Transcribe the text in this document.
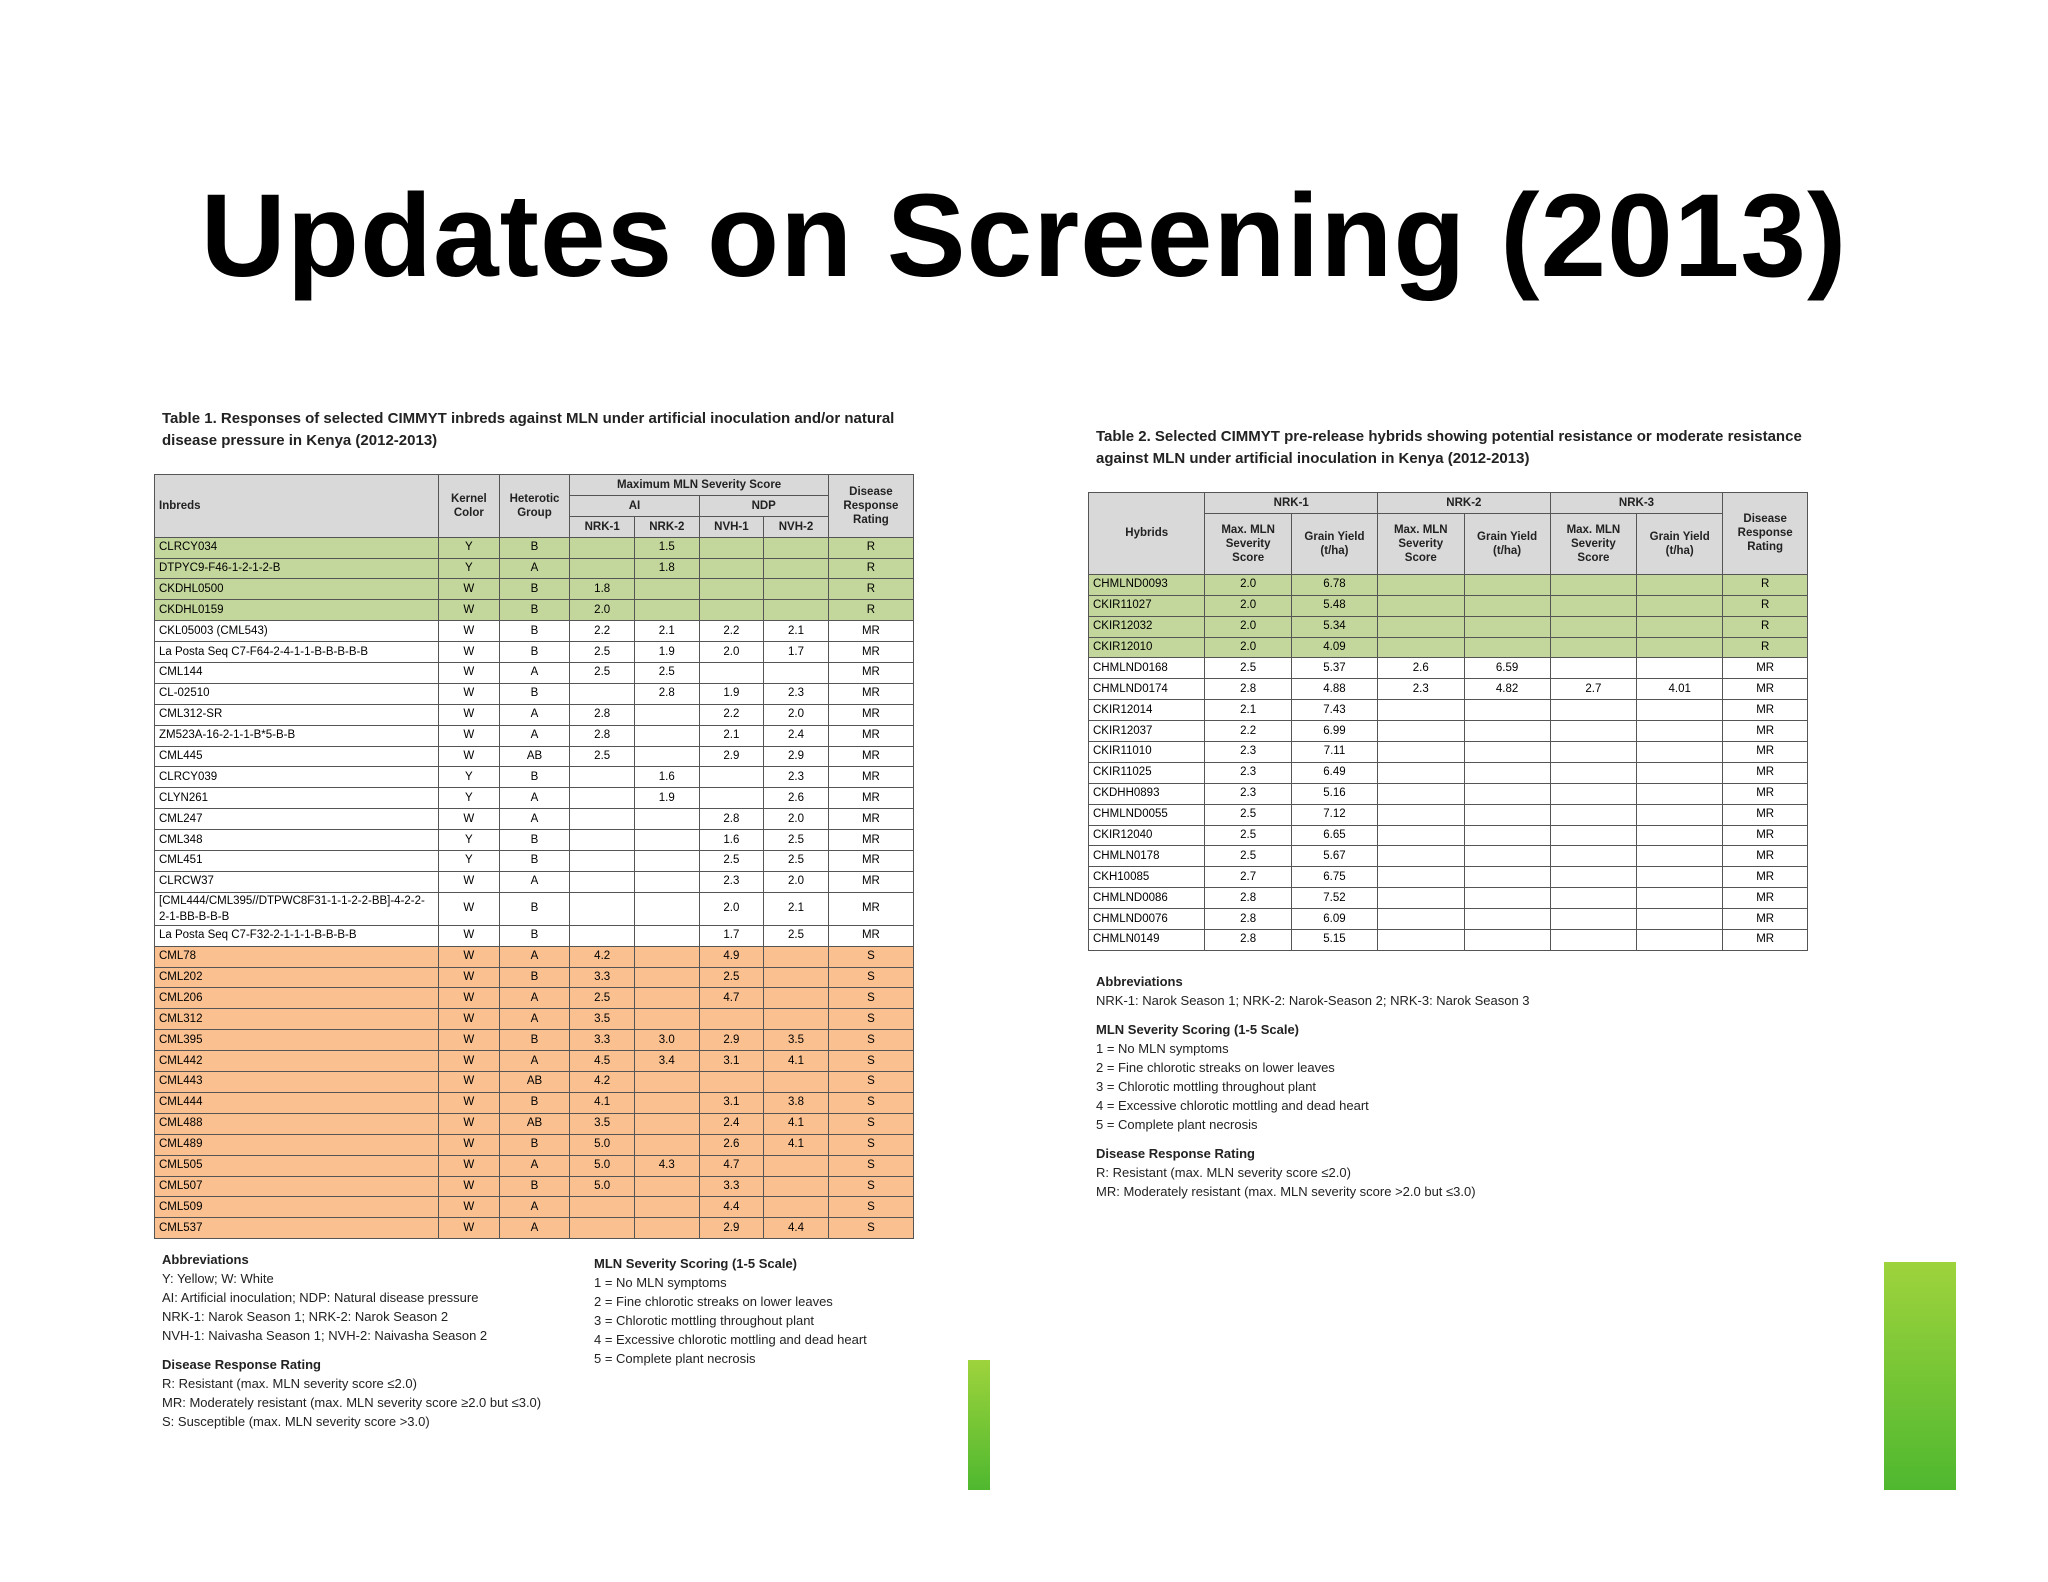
Updates on Screening (2013)
Table 1. Responses of selected CIMMYT inbreds against MLN under artificial inoculation and/or natural disease pressure in Kenya (2012-2013)
Inbreds	Kernel Color	Heterotic Group	Maximum MLN Severity Score				Disease Response Rating
			AI		NDP		
			NRK-1	NRK-2	NVH-1	NVH-2	
CLRCY034	Y	B		1.5			R
DTPYC9-F46-1-2-1-2-B	Y	A		1.8			R
CKDHL0500	W	B	1.8				R
CKDHL0159	W	B	2.0				R
CKL05003 (CML543)	W	B	2.2	2.1	2.2	2.1	MR
La Posta Seq C7-F64-2-4-1-1-B-B-B-B-B	W	B	2.5	1.9	2.0	1.7	MR
CML144	W	A	2.5	2.5			MR
CL-02510	W	B		2.8	1.9	2.3	MR
CML312-SR	W	A	2.8		2.2	2.0	MR
ZM523A-16-2-1-1-B*5-B-B	W	A	2.8		2.1	2.4	MR
CML445	W	AB	2.5		2.9	2.9	MR
CLRCY039	Y	B		1.6		2.3	MR
CLYN261	Y	A		1.9		2.6	MR
CML247	W	A			2.8	2.0	MR
CML348	Y	B			1.6	2.5	MR
CML451	Y	B			2.5	2.5	MR
CLRCW37	W	A			2.3	2.0	MR
[CML444/CML395//DTPWC8F31-1-1-2-2-BB]-4-2-2-2-1-BB-B-B-B	W	B			2.0	2.1	MR
La Posta Seq C7-F32-2-1-1-1-B-B-B-B	W	B			1.7	2.5	MR
CML78	W	A	4.2		4.9		S
CML202	W	B	3.3		2.5		S
CML206	W	A	2.5		4.7		S
CML312	W	A	3.5				S
CML395	W	B	3.3	3.0	2.9	3.5	S
CML442	W	A	4.5	3.4	3.1	4.1	S
CML443	W	AB	4.2				S
CML444	W	B	4.1		3.1	3.8	S
CML488	W	AB	3.5		2.4	4.1	S
CML489	W	B	5.0		2.6	4.1	S
CML505	W	A	5.0	4.3	4.7		S
CML507	W	B	5.0		3.3		S
CML509	W	A			4.4		S
CML537	W	A			2.9	4.4	S
Abbreviations
Y: Yellow; W: White
AI: Artificial inoculation; NDP: Natural disease pressure
NRK-1: Narok Season 1; NRK-2: Narok Season 2
NVH-1: Naivasha Season 1; NVH-2: Naivasha Season 2
Disease Response Rating
R: Resistant (max. MLN severity score ≤2.0)
MR: Moderately resistant (max. MLN severity score ≥2.0 but ≤3.0)
S: Susceptible (max. MLN severity score >3.0)
MLN Severity Scoring (1-5 Scale)
1 = No MLN symptoms
2 = Fine chlorotic streaks on lower leaves
3 = Chlorotic mottling throughout plant
4 = Excessive chlorotic mottling and dead heart
5 = Complete plant necrosis
Table 2. Selected CIMMYT pre-release hybrids showing potential resistance or moderate resistance against MLN under artificial inoculation in Kenya (2012-2013)
Hybrids	NRK-1		NRK-2		NRK-3		Disease Response Rating
	Max. MLN Severity Score	Grain Yield (t/ha)	Max. MLN Severity Score	Grain Yield (t/ha)	Max. MLN Severity Score	Grain Yield (t/ha)	
CHMLND0093	2.0	6.78					R
CKIR11027	2.0	5.48					R
CKIR12032	2.0	5.34					R
CKIR12010	2.0	4.09					R
CHMLND0168	2.5	5.37	2.6	6.59			MR
CHMLND0174	2.8	4.88	2.3	4.82	2.7	4.01	MR
CKIR12014	2.1	7.43					MR
CKIR12037	2.2	6.99					MR
CKIR11010	2.3	7.11					MR
CKIR11025	2.3	6.49					MR
CKDHH0893	2.3	5.16					MR
CHMLND0055	2.5	7.12					MR
CKIR12040	2.5	6.65					MR
CHMLN0178	2.5	5.67					MR
CKH10085	2.7	6.75					MR
CHMLND0086	2.8	7.52					MR
CHMLND0076	2.8	6.09					MR
CHMLN0149	2.8	5.15					MR
Abbreviations
NRK-1: Narok Season 1; NRK-2: Narok-Season 2; NRK-3: Narok Season 3
MLN Severity Scoring (1-5 Scale)
1 = No MLN symptoms
2 = Fine chlorotic streaks on lower leaves
3 = Chlorotic mottling throughout plant
4 = Excessive chlorotic mottling and dead heart
5 = Complete plant necrosis
Disease Response Rating
R: Resistant (max. MLN severity score ≤2.0)
MR: Moderately resistant (max. MLN severity score >2.0 but ≤3.0)
